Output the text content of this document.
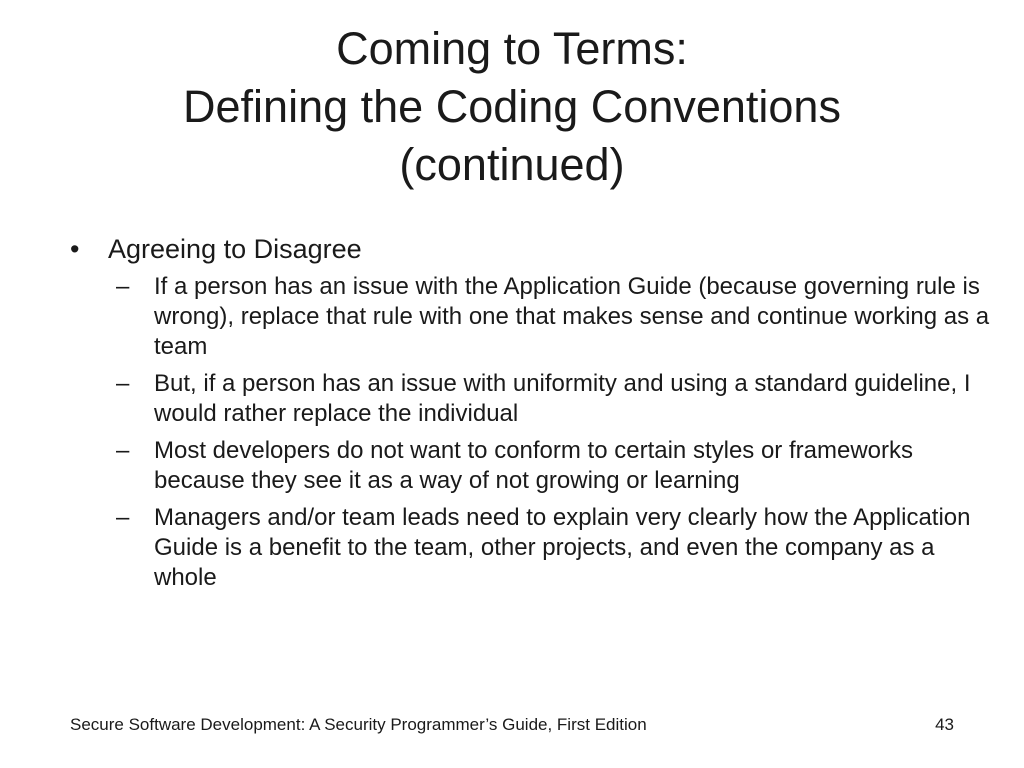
Coming to Terms:
Defining the Coding Conventions
(continued)
• Agreeing to Disagree
– If a person has an issue with the Application Guide (because governing rule is wrong), replace that rule with one that makes sense and continue working as a team
– But, if a person has an issue with uniformity and using a standard guideline, I would rather replace the individual
– Most developers do not want to conform to certain styles or frameworks because they see it as a way of not growing or learning
– Managers and/or team leads need to explain very clearly how the Application Guide is a benefit to the team, other projects, and even the company as a whole
Secure Software Development: A Security Programmer’s Guide, First Edition	43
